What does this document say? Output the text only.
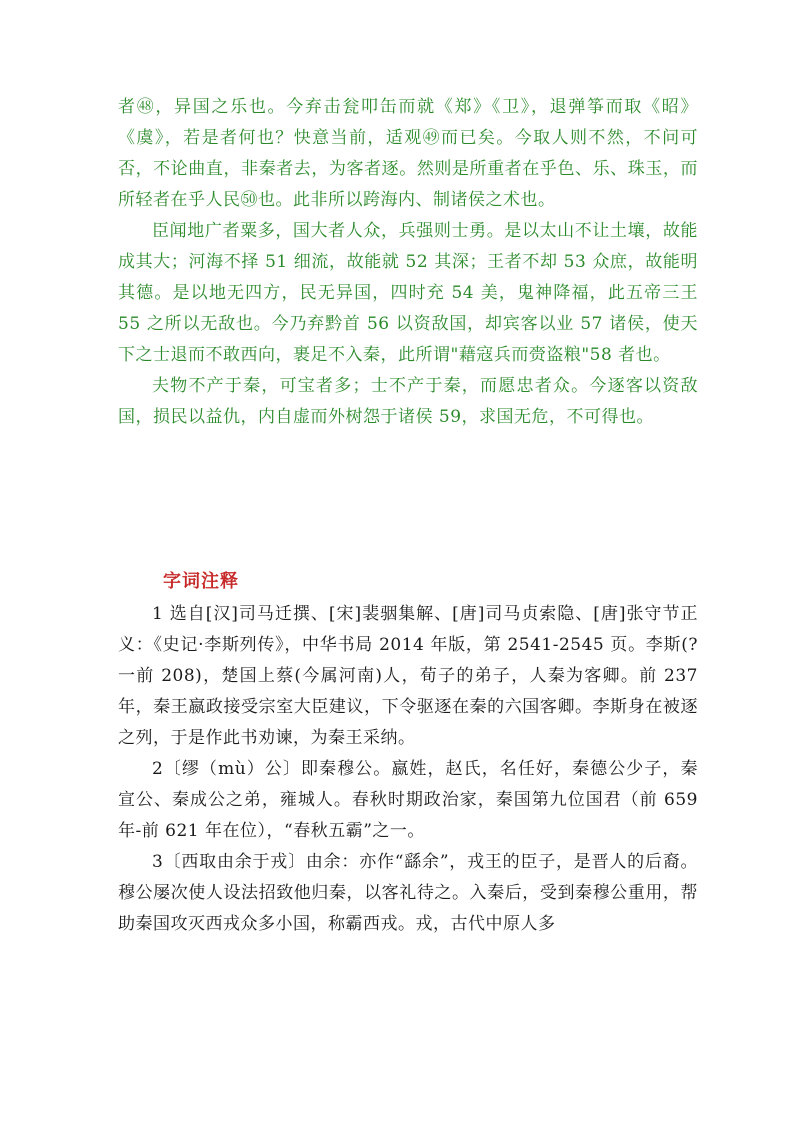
者㊽，异国之乐也。今弃击瓮叩缶而就《郑》《卫》，退弹筝而取《昭》《虞》，若是者何也？快意当前，适观㊾而已矣。今取人则不然，不问可否，不论曲直，非秦者去，为客者逐。然则是所重者在乎色、乐、珠玉，而所轻者在乎人民㊿也。此非所以跨海内、制诸侯之术也。

臣闻地广者粟多，国大者人众，兵强则士勇。是以太山不让土壤，故能成其大；河海不择 51 细流，故能就 52 其深；王者不却 53 众庶，故能明其德。是以地无四方，民无异国，四时充 54 美，鬼神降福，此五帝三王 55 之所以无敌也。今乃弃黔首 56 以资敌国，却宾客以业 57 诸侯，使天下之士退而不敢西向，裹足不入秦，此所谓"藉寇兵而赍盗粮"58 者也。

夫物不产于秦，可宝者多；士不产于秦，而愿忠者众。今逐客以资敌国，损民以益仇，内自虚而外树怨于诸侯 59，求国无危，不可得也。

字词注释

1 选自[汉]司马迁撰、[宋]裴骃集解、[唐]司马贞索隐、[唐]张守节正义：《史记·李斯列传》，中华书局 2014 年版，第 2541-2545 页。李斯(?一前 208)，楚国上蔡(今属河南)人，荀子的弟子，人秦为客卿。前 237 年，秦王嬴政接受宗室大臣建议，下令驱逐在秦的六国客卿。李斯身在被逐之列，于是作此书劝谏，为秦王采纳。

2〔缪（mù）公〕即秦穆公。嬴姓，赵氏，名任好，秦德公少子，秦宣公、秦成公之弟，雍城人。春秋时期政治家，秦国第九位国君（前 659 年-前 621 年在位），“春秋五霸”之一。

3〔西取由余于戎〕由余：亦作“繇余”，戎王的臣子，是晋人的后裔。穆公屡次使人设法招致他归秦，以客礼待之。入秦后，受到秦穆公重用，帮助秦国攻灭西戎众多小国，称霸西戎。戎，古代中原人多
